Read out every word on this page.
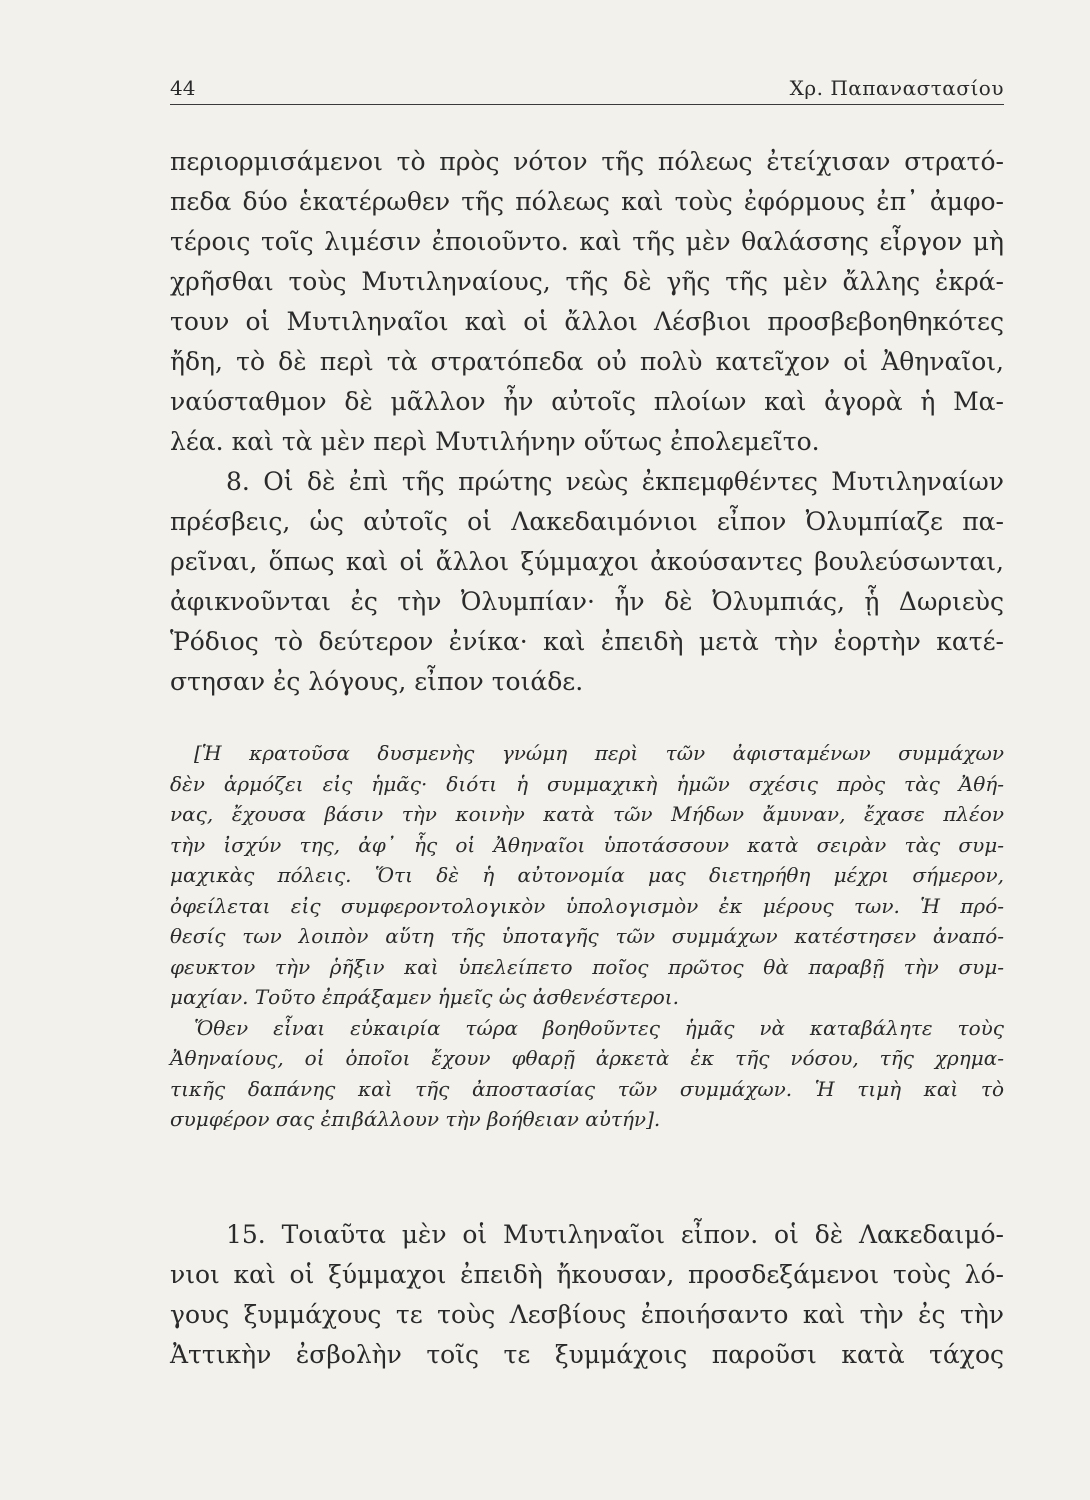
44	Χρ. Παπαναστασίου
περιορμισάμενοι τὸ πρὸς νότον τῆς πόλεως ἐτείχισαν στρατό-
πεδα δύο ἑκατέρωθεν τῆς πόλεως καὶ τοὺς ἐφόρμους ἐπ᾽ ἀμφο-
τέροις τοῖς λιμέσιν ἐποιοῦντο. καὶ τῆς μὲν θαλάσσης εἶργον μὴ
χρῆσθαι τοὺς Μυτιληναίους, τῆς δὲ γῆς τῆς μὲν ἄλλης ἐκρά-
τουν οἱ Μυτιληναῖοι καὶ οἱ ἄλλοι Λέσβιοι προσβεβοηθηκότες
ἤδη, τὸ δὲ περὶ τὰ στρατόπεδα οὐ πολὺ κατεῖχον οἱ Ἀθηναῖοι,
ναύσταθμον δὲ μᾶλλον ἦν αὐτοῖς πλοίων καὶ ἀγορὰ ἡ Μα-
λέα. καὶ τὰ μὲν περὶ Μυτιλήνην οὕτως ἐπολεμεῖτο.
8. Οἱ δὲ ἐπὶ τῆς πρώτης νεὼς ἐκπεμφθέντες Μυτιληναίων
πρέσβεις, ὡς αὐτοῖς οἱ Λακεδαιμόνιοι εἶπον Ὀλυμπίαζε πα-
ρεῖναι, ὅπως καὶ οἱ ἄλλοι ξύμμαχοι ἀκούσαντες βουλεύσωνται,
ἀφικνοῦνται ἐς τὴν Ὀλυμπίαν· ἦν δὲ Ὀλυμπιάς, ᾗ Δωριεὺς
Ῥόδιος τὸ δεύτερον ἐνίκα· καὶ ἐπειδὴ μετὰ τὴν ἑορτὴν κατέ-
στησαν ἐς λόγους, εἶπον τοιάδε.
[Ἡ κρατοῦσα δυσμενὴς γνώμη περὶ τῶν ἀφισταμένων συμμάχων
δὲν ἁρμόζει εἰς ἡμᾶς· διότι ἡ συμμαχικὴ ἡμῶν σχέσις πρὸς τὰς Ἀθή-
νας, ἔχουσα βάσιν τὴν κοινὴν κατὰ τῶν Μήδων ἄμυναν, ἔχασε πλέον
τὴν ἰσχύν της, ἀφ᾽ ἧς οἱ Ἀθηναῖοι ὑποτάσσουν κατὰ σειρὰν τὰς συμ-
μαχικὰς πόλεις. Ὅτι δὲ ἡ αὐτονομία μας διετηρήθη μέχρι σήμερον,
ὀφείλεται εἰς συμφεροντολογικὸν ὑπολογισμὸν ἐκ μέρους των. Ἡ πρό-
θεσίς των λοιπὸν αὕτη τῆς ὑποταγῆς τῶν συμμάχων κατέστησεν ἀναπό-
φευκτον τὴν ῥῆξιν καὶ ὑπελείπετο ποῖος πρῶτος θὰ παραβῇ τὴν συμ-
μαχίαν. Τοῦτο ἐπράξαμεν ἡμεῖς ὡς ἀσθενέστεροι.
Ὅθεν εἶναι εὐκαιρία τώρα βοηθοῦντες ἡμᾶς νὰ καταβάλητε τοὺς
Ἀθηναίους, οἱ ὁποῖοι ἔχουν φθαρῇ ἀρκετὰ ἐκ τῆς νόσου, τῆς χρημα-
τικῆς δαπάνης καὶ τῆς ἀποστασίας τῶν συμμάχων. Ἡ τιμὴ καὶ τὸ
συμφέρον σας ἐπιβάλλουν τὴν βοήθειαν αὐτήν].
15. Τοιαῦτα μὲν οἱ Μυτιληναῖοι εἶπον. οἱ δὲ Λακεδαιμό-
νιοι καὶ οἱ ξύμμαχοι ἐπειδὴ ἤκουσαν, προσδεξάμενοι τοὺς λό-
γους ξυμμάχους τε τοὺς Λεσβίους ἐποιήσαντο καὶ τὴν ἐς τὴν
Ἀττικὴν ἐσβολὴν τοῖς τε ξυμμάχοις παροῦσι κατὰ τάχος
